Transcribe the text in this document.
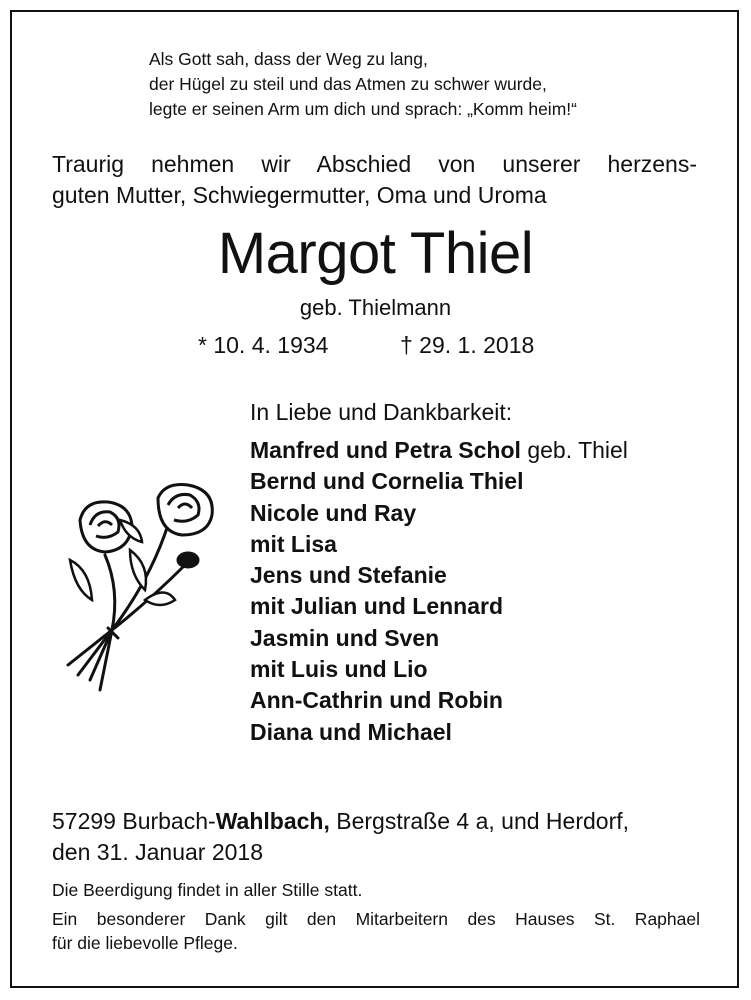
Als Gott sah, dass der Weg zu lang,
der Hügel zu steil und das Atmen zu schwer wurde,
legte er seinen Arm um dich und sprach: „Komm heim!“
Traurig nehmen wir Abschied von unserer herzens-
guten Mutter, Schwiegermutter, Oma und Uroma
Margot Thiel
geb. Thielmann
* 10. 4. 1934	† 29. 1. 2018
In Liebe und Dankbarkeit:
Manfred und Petra Schol geb. Thiel
Bernd und Cornelia Thiel
Nicole und Ray
mit Lisa
Jens und Stefanie
mit Julian und Lennard
Jasmin und Sven
mit Luis und Lio
Ann-Cathrin und Robin
Diana und Michael
57299 Burbach-Wahlbach, Bergstraße 4 a, und Herdorf,
den 31. Januar 2018
Die Beerdigung findet in aller Stille statt.
Ein besonderer Dank gilt den Mitarbeitern des Hauses St. Raphael
für die liebevolle Pflege.
